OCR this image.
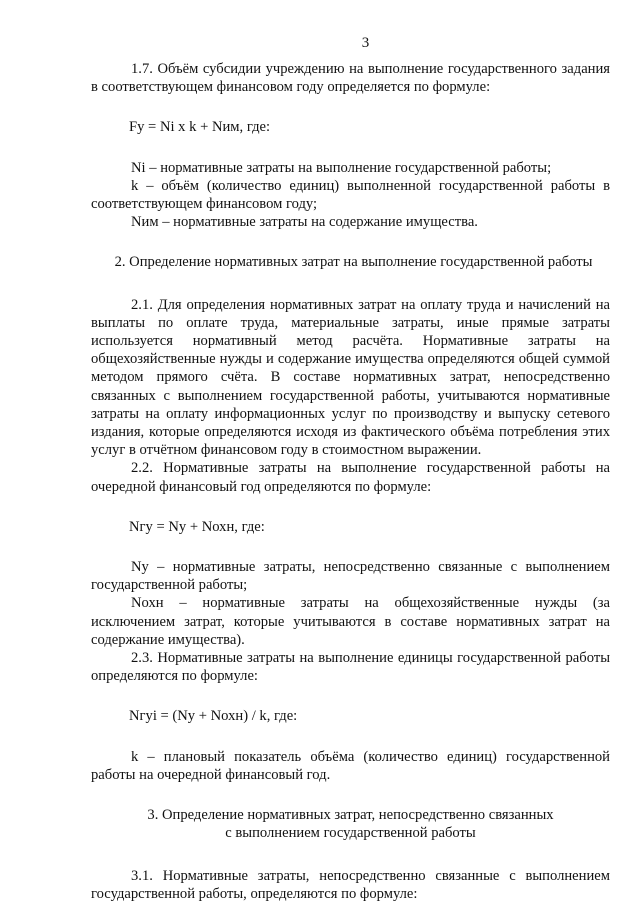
3

1.7. Объём субсидии учреждению на выполнение государственного задания в соответствующем финансовом году определяется по формуле:

Fy = Ni x k + Nим, где:

Ni – нормативные затраты на выполнение государственной работы;

k – объём (количество единиц) выполненной государственной работы в соответствующем финансовом году;

Nим – нормативные затраты на содержание имущества.

2. Определение нормативных затрат на выполнение государственной работы

2.1. Для определения нормативных затрат на оплату труда и начислений на выплаты по оплате труда, материальные затраты, иные прямые затраты используется нормативный метод расчёта. Нормативные затраты на общехозяйственные нужды и содержание имущества определяются общей суммой методом прямого счёта. В составе нормативных затрат, непосредственно связанных с выполнением государственной работы, учитываются нормативные затраты на оплату информационных услуг по производству и выпуску сетевого издания, которые определяются исходя из фактического объёма потребления этих услуг в отчётном финансовом году в стоимостном выражении.

2.2. Нормативные затраты на выполнение государственной работы на очередной финансовый год определяются по формуле:

Nгу = Ny + Nохн, где:

Ny – нормативные затраты, непосредственно связанные с выполнением государственной работы;

Nохн – нормативные затраты на общехозяйственные нужды (за исключением затрат, которые учитываются в составе нормативных затрат на содержание имущества).

2.3. Нормативные затраты на выполнение единицы государственной работы определяются по формуле:

Nгуi = (Ny + Nохн) / k, где:

k – плановый показатель объёма (количество единиц) государственной работы на очередной финансовый год.

3. Определение нормативных затрат, непосредственно связанных

с выполнением государственной работы

3.1. Нормативные затраты, непосредственно связанные с выполнением государственной работы, определяются по формуле:
